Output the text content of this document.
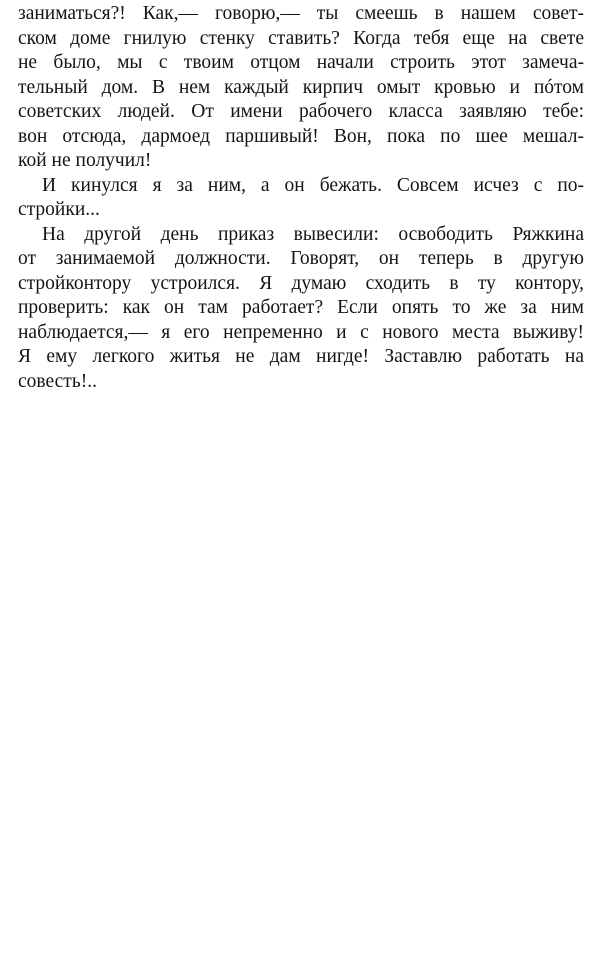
заниматься?! Как,— говорю,— ты смеешь в нашем совет-
ском доме гнилую стенку ставить? Когда тебя еще на свете
не было, мы с твоим отцом начали строить этот замеча-
тельный дом. В нем каждый кирпич омыт кровью и пóтом
советских людей. От имени рабочего класса заявляю тебе:
вон отсюда, дармоед паршивый! Вон, пока по шее мешал-
кой не получил!
И кинулся я за ним, а он бежать. Совсем исчез с по-
стройки...
На другой день приказ вывесили: освободить Ряжкина
от занимаемой должности. Говорят, он теперь в другую
стройконтору устроился. Я думаю сходить в ту контору,
проверить: как он там работает? Если опять то же за ним
наблюдается,— я его непременно и с нового места выживу!
Я ему легкого житья не дам нигде! Заставлю работать на
совесть!..
